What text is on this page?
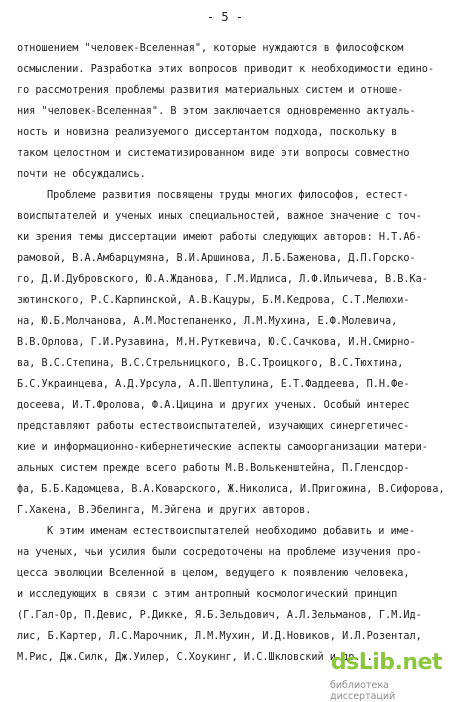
- 5 -
отношением "человек-Вселенная", которые нуждаются в философском
осмыслении. Разработка этих вопросов приводит к необходимости едино-
го рассмотрения проблемы развития материальных систем и отноше-
ния "человек-Вселенная". В этом заключается одновременно актуаль-
ность и новизна реализуемого диссертантом подхода, поскольку в
таком целостном и систематизированном виде эти вопросы совместно
почти не обсуждались.
Проблеме развития посвящены труды многих философов, естест-
воиспытателей и ученых иных специальностей, важное значение с точ-
ки зрения темы диссертации имеют работы следующих авторов: Н.Т.Аб-
рамовой, В.А.Амбарцумяна, В.И.Аршинова, Л.Б.Баженова, Д.П.Горско-
го, Д.И.Дубровского, Ю.А.Жданова, Г.М.Идлиса, Л.Ф.Ильичева, В.В.Ка-
зютинского, Р.С.Карпинской, А.В.Кацуры, Б.М.Кедрова, С.Т.Мелюхи-
на, Ю.Б.Молчанова, А.М.Мостепаненко, Л.М.Мухина, Е.Ф.Молевича,
В.В.Орлова, Г.И.Рузавина, М.Н.Руткевича, Ю.С.Сачкова, И.Н.Смирно-
ва, В.С.Степина, В.С.Стрельницкого, В.С.Троицкого, В.С.Тюхтина,
Б.С.Украинцева, А.Д.Урсула, А.П.Шептулина, Е.Т.Фаддеева, П.Н.Фе-
досеева, И.Т.Фролова, Ф.А.Цицина и других ученых. Особый интерес
представляют работы естествоиспытателей, изучающих синергетичес-
кие и информационно-кибернетические аспекты самоорганизации матери-
альных систем прежде всего работы М.В.Волькенштейна, П.Гленсдор-
фа, Б.Б.Кадомцева, В.А.Коварского, Ж.Николиса, И.Пригожина, В.Сифорова,
Г.Хакена, В.Эбелинга, М.Эйгена и других авторов.
К этим именам естествоиспытателей необходимо добавить и име-
на ученых, чьи усилия были сосредоточены на проблеме изучения про-
цесса эволюции Вселенной в целом, ведущего к появлению человека,
и исследующих в связи с этим антропный космологический принцип
(Г.Гал-Ор, П.Девис, Р.Дикке, Я.Б.Зельдович, А.Л.Зельманов, Г.М.Ид-
лис, Б.Картер, Л.С.Марочник, Л.М.Мухин, И.Д.Новиков, И.Л.Розентал,
М.Рис, Дж.Силк, Дж.Уилер, С.Хоукинг, И.С.Шкловский и др.).
dsLib.net
библиотека диссертаций
